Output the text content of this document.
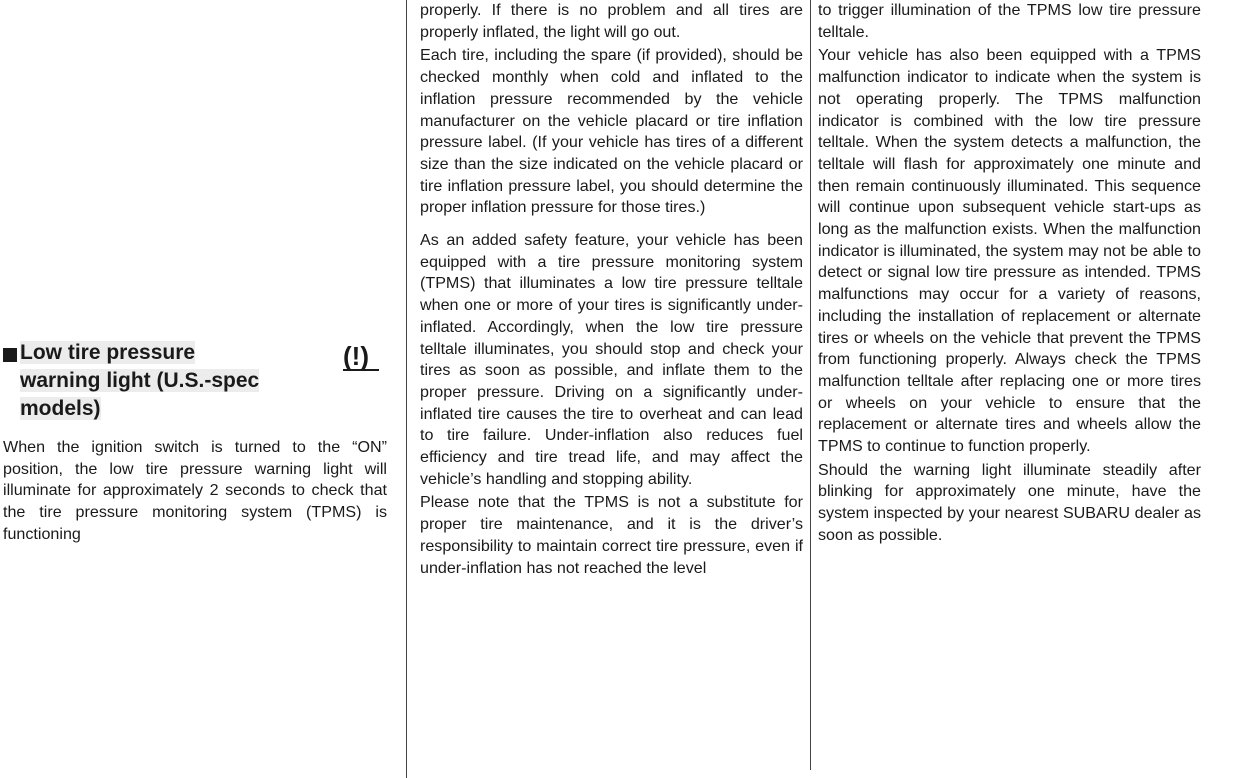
Low tire pressure
warning light (U.S.-spec
models)
(!)

When the ignition switch is turned to the “ON” position, the low tire pressure warning light will illuminate for approximately 2 seconds to check that the tire pressure monitoring system (TPMS) is functioning

properly. If there is no problem and all tires are properly inflated, the light will go out.

Each tire, including the spare (if provided), should be checked monthly when cold and inflated to the inflation pressure recommended by the vehicle manufacturer on the vehicle placard or tire inflation pressure label. (If your vehicle has tires of a different size than the size indicated on the vehicle placard or tire inflation pressure label, you should determine the proper inflation pressure for those tires.)

As an added safety feature, your vehicle has been equipped with a tire pressure monitoring system (TPMS) that illuminates a low tire pressure telltale when one or more of your tires is significantly under-inflated. Accordingly, when the low tire pressure telltale illuminates, you should stop and check your tires as soon as possible, and inflate them to the proper pressure. Driving on a significantly under-inflated tire causes the tire to overheat and can lead to tire failure. Under-inflation also reduces fuel efficiency and tire tread life, and may affect the vehicle’s handling and stopping ability.

Please note that the TPMS is not a substitute for proper tire maintenance, and it is the driver’s responsibility to maintain correct tire pressure, even if under-inflation has not reached the level

to trigger illumination of the TPMS low tire pressure telltale.

Your vehicle has also been equipped with a TPMS malfunction indicator to indicate when the system is not operating properly. The TPMS malfunction indicator is combined with the low tire pressure telltale. When the system detects a malfunction, the telltale will flash for approximately one minute and then remain continuously illuminated. This sequence will continue upon subsequent vehicle start-ups as long as the malfunction exists. When the malfunction indicator is illuminated, the system may not be able to detect or signal low tire pressure as intended. TPMS malfunctions may occur for a variety of reasons, including the installation of replacement or alternate tires or wheels on the vehicle that prevent the TPMS from functioning properly. Always check the TPMS malfunction telltale after replacing one or more tires or wheels on your vehicle to ensure that the replacement or alternate tires and wheels allow the TPMS to continue to function properly.

Should the warning light illuminate steadily after blinking for approximately one minute, have the system inspected by your nearest SUBARU dealer as soon as possible.
